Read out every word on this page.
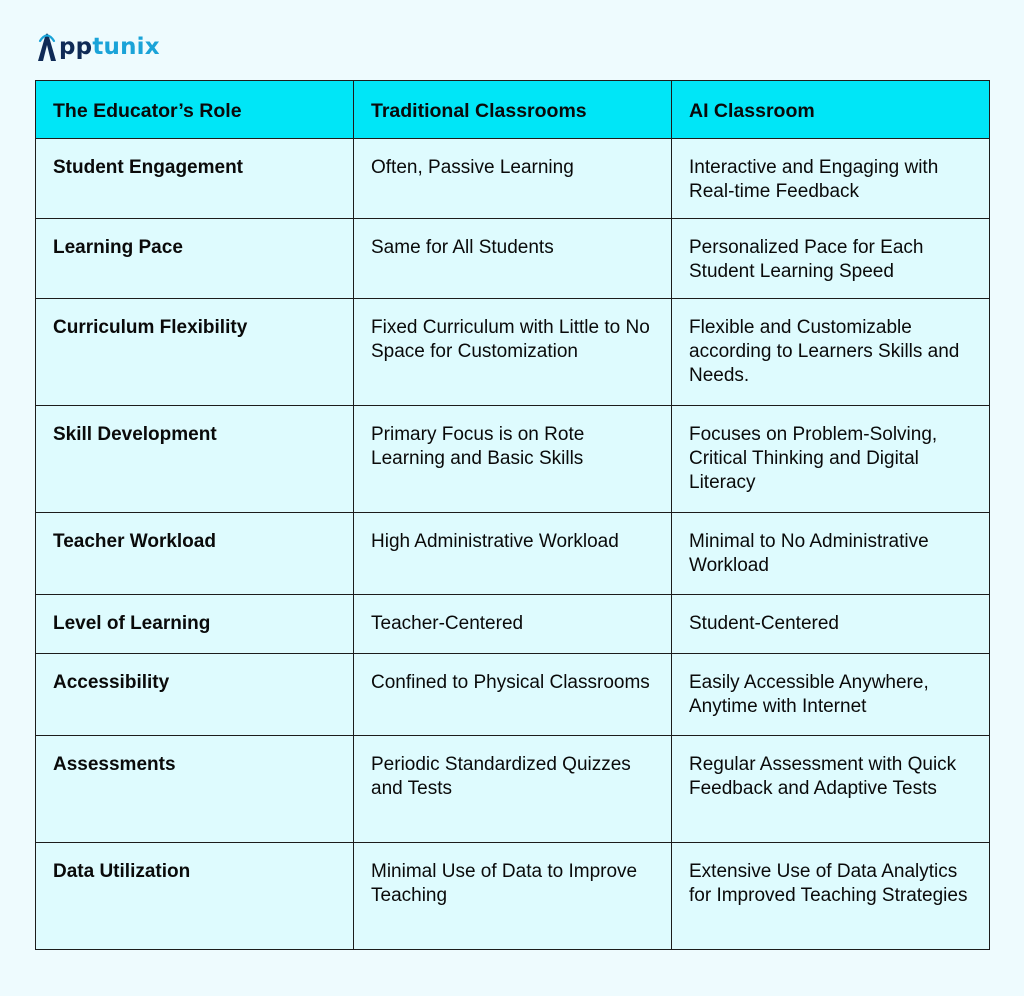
pptunix
The Educator’s Role	Traditional Classrooms	AI Classroom
Student Engagement	Often, Passive Learning	Interactive and Engaging with Real-time Feedback
Learning Pace	Same for All Students	Personalized Pace for Each Student Learning Speed
Curriculum Flexibility	Fixed Curriculum with Little to No Space for Customization	Flexible and Customizable according to Learners Skills and Needs.
Skill Development	Primary Focus is on Rote Learning and Basic Skills	Focuses on Problem-Solving, Critical Thinking and Digital Literacy
Teacher Workload	High Administrative Workload	Minimal to No Administrative Workload
Level of Learning	Teacher-Centered	Student-Centered
Accessibility	Confined to Physical Classrooms	Easily Accessible Anywhere, Anytime with Internet
Assessments	Periodic Standardized Quizzes and Tests	Regular Assessment with Quick Feedback and Adaptive Tests
Data Utilization	Minimal Use of Data to Improve Teaching	Extensive Use of Data Analytics for Improved Teaching Strategies
